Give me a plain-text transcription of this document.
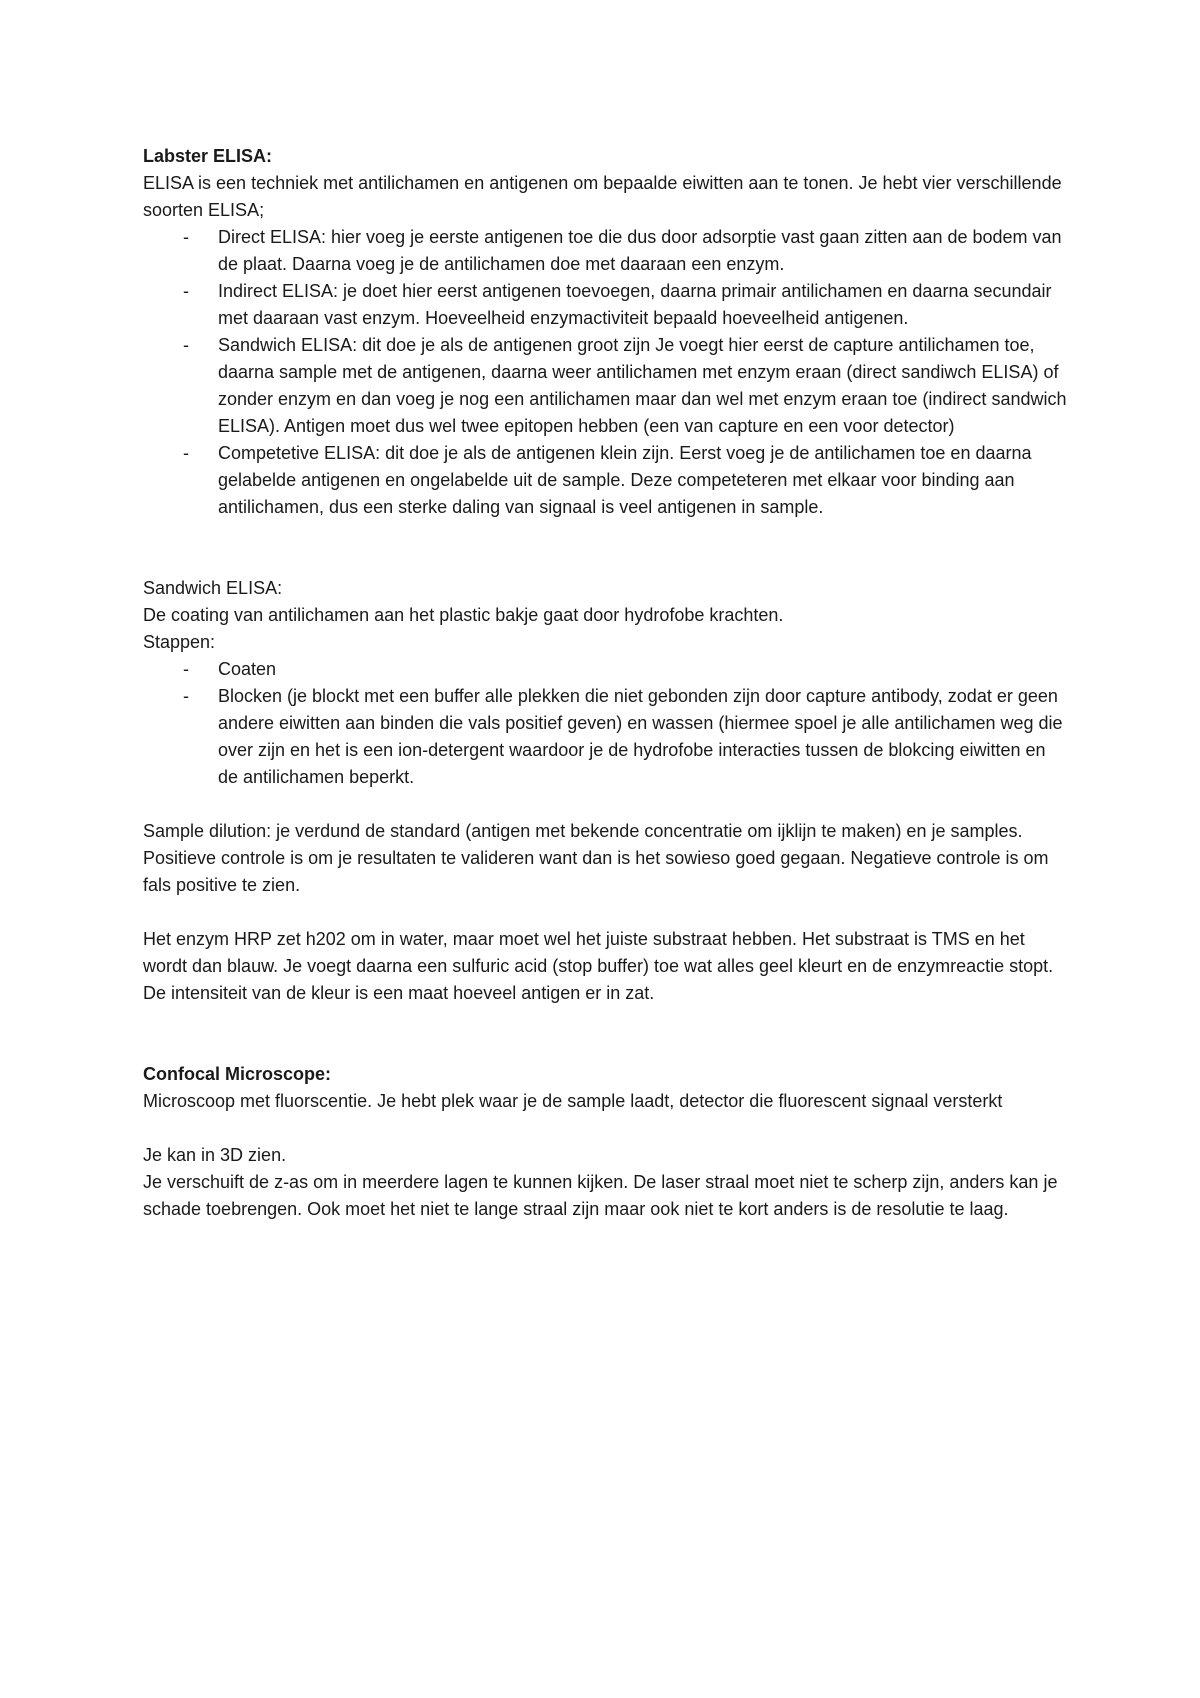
Labster ELISA:
ELISA is een techniek met antilichamen en antigenen om bepaalde eiwitten aan te tonen. Je hebt vier verschillende soorten ELISA;
- Direct ELISA: hier voeg je eerste antigenen toe die dus door adsorptie vast gaan zitten aan de bodem van de plaat. Daarna voeg je de antilichamen doe met daaraan een enzym.
- Indirect ELISA: je doet hier eerst antigenen toevoegen, daarna primair antilichamen en daarna secundair met daaraan vast enzym. Hoeveelheid enzymactiviteit bepaald hoeveelheid antigenen.
- Sandwich ELISA: dit doe je als de antigenen groot zijn Je voegt hier eerst de capture antilichamen toe, daarna sample met de antigenen, daarna weer antilichamen met enzym eraan (direct sandiwch ELISA) of zonder enzym en dan voeg je nog een antilichamen maar dan wel met enzym eraan toe (indirect sandwich ELISA). Antigen moet dus wel twee epitopen hebben (een van capture en een voor detector)
- Competetive ELISA: dit doe je als de antigenen klein zijn. Eerst voeg je de antilichamen toe en daarna gelabelde antigenen en ongelabelde uit de sample. Deze competeteren met elkaar voor binding aan antilichamen, dus een sterke daling van signaal is veel antigenen in sample.
Sandwich ELISA:
De coating van antilichamen aan het plastic bakje gaat door hydrofobe krachten.
Stappen:
- Coaten
- Blocken (je blockt met een buffer alle plekken die niet gebonden zijn door capture antibody, zodat er geen andere eiwitten aan binden die vals positief geven) en wassen (hiermee spoel je alle antilichamen weg die over zijn en het is een ion-detergent waardoor je de hydrofobe interacties tussen de blokcing eiwitten en de antilichamen beperkt.
Sample dilution: je verdund de standard (antigen met bekende concentratie om ijklijn te maken) en je samples. Positieve controle is om je resultaten te valideren want dan is het sowieso goed gegaan. Negatieve controle is om fals positive te zien.
Het enzym HRP zet h202 om in water, maar moet wel het juiste substraat hebben. Het substraat is TMS en het wordt dan blauw. Je voegt daarna een sulfuric acid (stop buffer) toe wat alles geel kleurt en de enzymreactie stopt. De intensiteit van de kleur is een maat hoeveel antigen er in zat.
Confocal Microscope:
Microscoop met fluorscentie. Je hebt plek waar je de sample laadt, detector die fluorescent signaal versterkt
Je kan in 3D zien.
Je verschuift de z-as om in meerdere lagen te kunnen kijken. De laser straal moet niet te scherp zijn, anders kan je schade toebrengen. Ook moet het niet te lange straal zijn maar ook niet te kort anders is de resolutie te laag.
